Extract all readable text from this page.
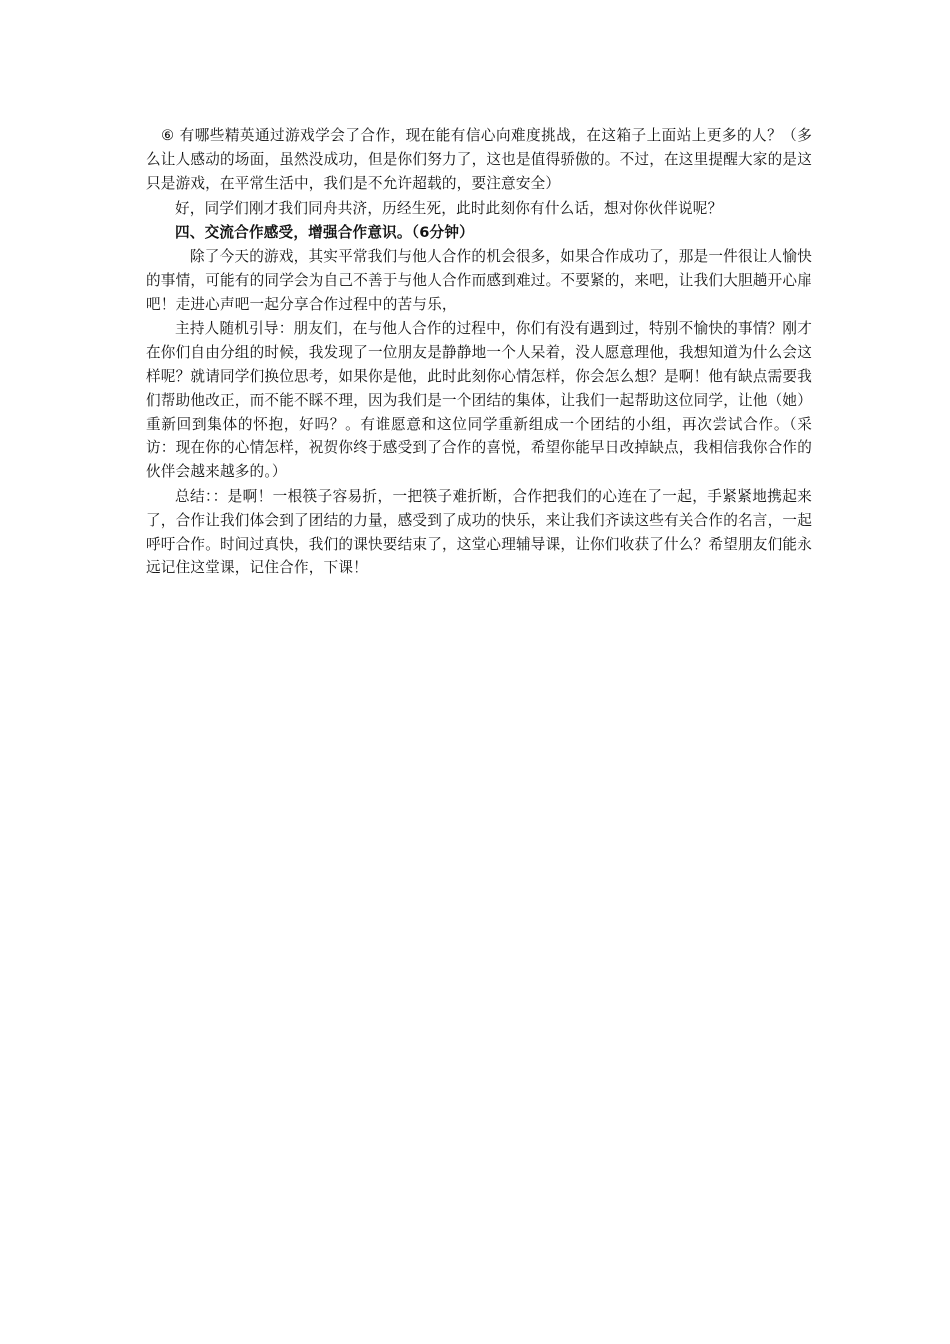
⑥ 有哪些精英通过游戏学会了合作，现在能有信心向难度挑战，在这箱子上面站上更多的人？（多么让人感动的场面，虽然没成功，但是你们努力了，这也是值得骄傲的。不过，在这里提醒大家的是这只是游戏，在平常生活中，我们是不允许超载的，要注意安全）

好，同学们刚才我们同舟共济，历经生死，此时此刻你有什么话，想对你伙伴说呢？

四、交流合作感受，增强合作意识。（6分钟）

除了今天的游戏，其实平常我们与他人合作的机会很多，如果合作成功了，那是一件很让人愉快的事情，可能有的同学会为自己不善于与他人合作而感到难过。不要紧的，来吧，让我们大胆趟开心扉吧！走进心声吧一起分享合作过程中的苦与乐，

主持人随机引导：朋友们，在与他人合作的过程中，你们有没有遇到过，特别不愉快的事情？刚才在你们自由分组的时候，我发现了一位朋友是静静地一个人呆着，没人愿意理他，我想知道为什么会这样呢？就请同学们换位思考，如果你是他，此时此刻你心情怎样，你会怎么想？是啊！他有缺点需要我们帮助他改正，而不能不睬不理，因为我们是一个团结的集体，让我们一起帮助这位同学，让他（她）重新回到集体的怀抱，好吗？。有谁愿意和这位同学重新组成一个团结的小组，再次尝试合作。（采访：现在你的心情怎样，祝贺你终于感受到了合作的喜悦，希望你能早日改掉缺点，我相信我你合作的伙伴会越来越多的。）

总结：：是啊！一根筷子容易折，一把筷子难折断，合作把我们的心连在了一起，手紧紧地携起来了，合作让我们体会到了团结的力量，感受到了成功的快乐，来让我们齐读这些有关合作的名言，一起呼吁合作。时间过真快，我们的课快要结束了，这堂心理辅导课，让你们收获了什么？希望朋友们能永远记住这堂课，记住合作，下课！
